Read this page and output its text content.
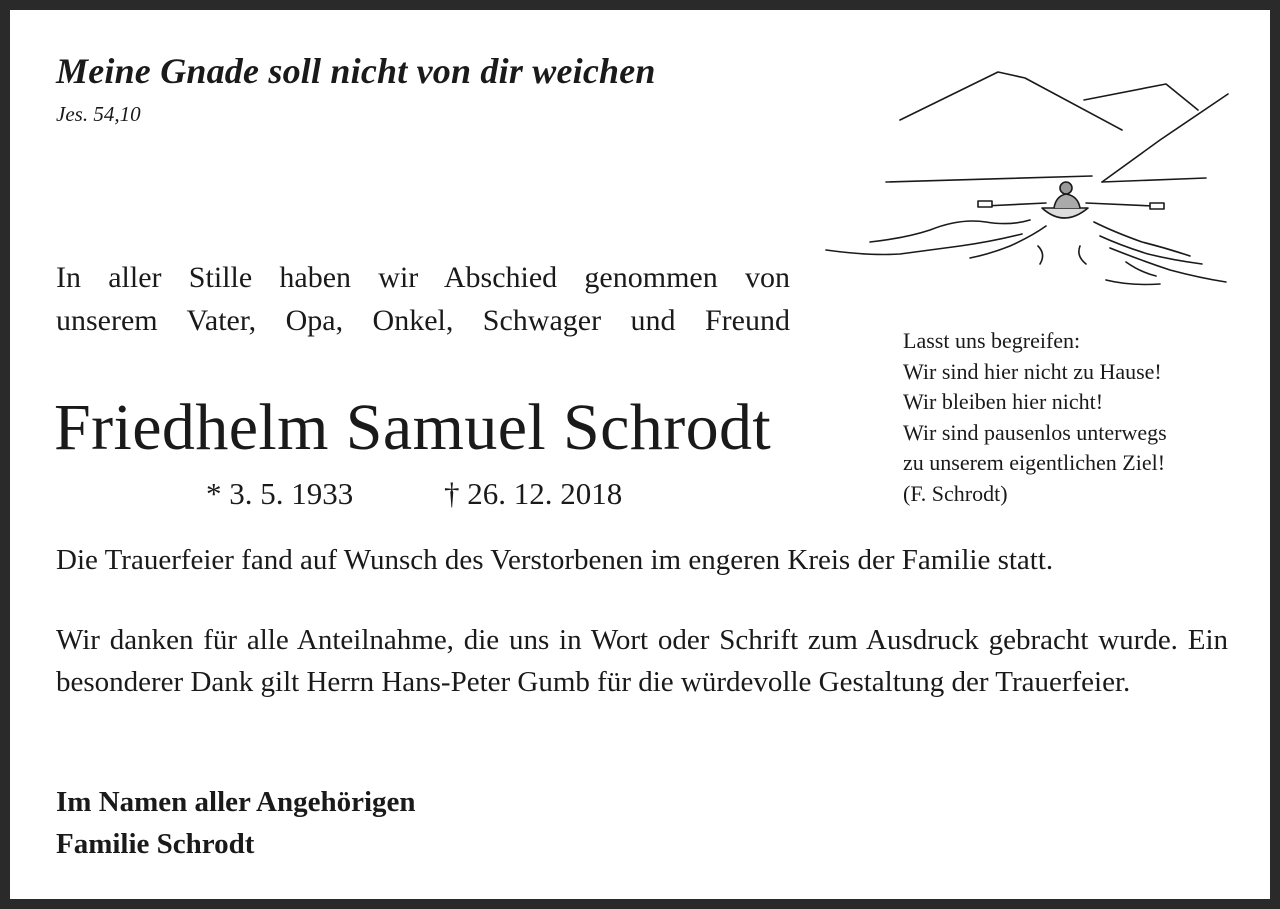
Meine Gnade soll nicht von dir weichen
Jes. 54,10
In aller Stille haben wir Abschied genommen von
unserem Vater, Opa, Onkel, Schwager und Freund
Friedhelm Samuel Schrodt
* 3. 5. 1933	† 26. 12. 2018
Lasst uns begreifen:
Wir sind hier nicht zu Hause!
Wir bleiben hier nicht!
Wir sind pausenlos unterwegs
zu unserem eigentlichen Ziel!
(F. Schrodt)
Die Trauerfeier fand auf Wunsch des Verstorbenen im engeren Kreis der Familie statt.
Wir danken für alle Anteilnahme, die uns in Wort oder Schrift zum Ausdruck gebracht wurde. Ein besonderer Dank gilt Herrn Hans-Peter Gumb für die würdevolle Gestaltung der Trauerfeier.
Im Namen aller Angehörigen
Familie Schrodt
